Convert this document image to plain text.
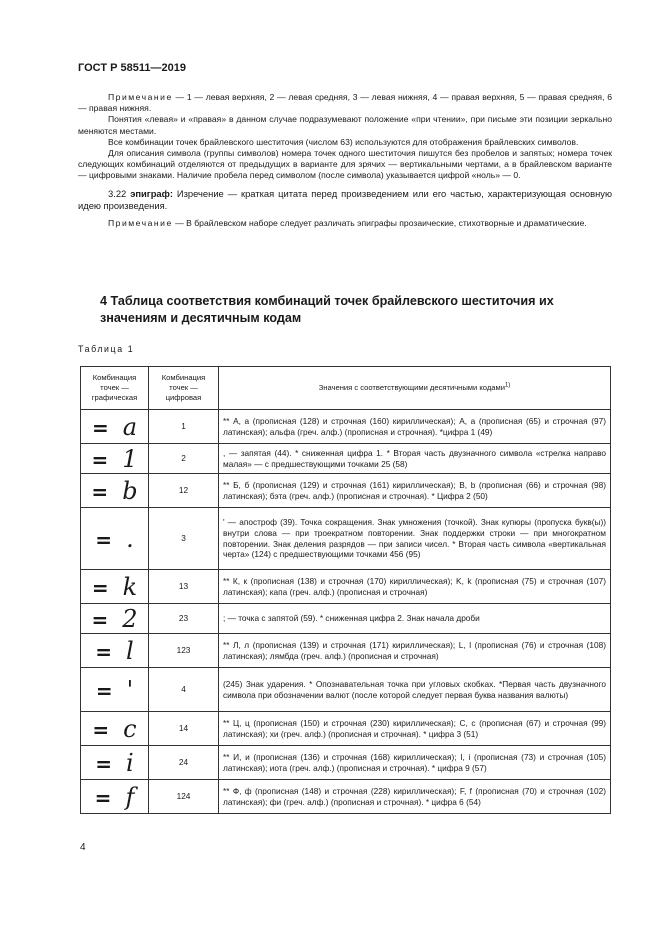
ГОСТ Р 58511—2019

Примечание — 1 — левая верхняя, 2 — левая средняя, 3 — левая нижняя, 4 — правая верхняя, 5 — правая средняя, 6 — правая нижняя.

Понятия «левая» и «правая» в данном случае подразумевают положение «при чтении», при письме эти позиции зеркально меняются местами.

Все комбинации точек брайлевского шеститочия (числом 63) используются для отображения брайлевских символов.

Для описания символа (группы символов) номера точек одного шеститочия пишутся без пробелов и запятых; номера точек следующих комбинаций отделяются от предыдущих в варианте для зрячих — вертикальными чертами, а в брайлевском варианте — цифровыми знаками. Наличие пробела перед символом (после символа) указывается цифрой «ноль» — 0.

3.22 эпиграф: Изречение — краткая цитата перед произведением или его частью, характеризующая основную идею произведения.

Примечание — В брайлевском наборе следует различать эпиграфы прозаические, стихотворные и драматические.

4 Таблица соответствия комбинаций точек брайлевского шеститочия их значениям и десятичным кодам
Таблица 1
Комбинация точек — графическая	Комбинация точек — цифровая	Значения с соответствующими десятичными кодами$^{1)}$
= a	1	** А, а (прописная (128) и строчная (160) кириллическая); A, a (прописная (65) и строчная (97) латинская); альфа (греч. алф.) (прописная и строчная). *цифра 1 (49)
= 1	2	, — запятая (44). * сниженная цифра 1. * Вторая часть двузначного символа «стрелка направо малая» — с предшествующими точками 25 (58)
= b	12	** Б, б (прописная (129) и строчная (161) кириллическая); B, b (прописная (66) и строчная (98) латинская); бэта (греч. алф.) (прописная и строчная). * Цифра 2 (50)
= .	3	' — апостроф (39). Точка сокращения. Знак умножения (точкой). Знак купюры (пропуска букв(ы)) внутри слова — при троекратном повторении. Знак поддержки строки — при многократном повторении. Знак деления разрядов — при записи чисел. * Вторая часть символа «вертикальная черта» (124) с предшествующими точками 456 (95)
= k	13	** К, к (прописная (138) и строчная (170) кириллическая); K, k (прописная (75) и строчная (107) латинская); капа (греч. алф.) (прописная и строчная)
= 2	23	; — точка с запятой (59). * сниженная цифра 2. Знак начала дроби
= l	123	** Л, л (прописная (139) и строчная (171) кириллическая); L, l (прописная (76) и строчная (108) латинская); лямбда (греч. алф.) (прописная и строчная)
= '	4	(245) Знак ударения. * Опознавательная точка при угловых скобках. *Первая часть двузначного символа при обозначении валют (после которой следует первая буква названия валюты)
= c	14	** Ц, ц (прописная (150) и строчная (230) кириллическая); C, c (прописная (67) и строчная (99) латинская); хи (греч. алф.) (прописная и строчная). * цифра 3 (51)
= i	24	** И, и (прописная (136) и строчная (168) кириллическая); I, i (прописная (73) и строчная (105) латинская); иота (греч. алф.) (прописная и строчная). * цифра 9 (57)
= f	124	** Ф, ф (прописная (148) и строчная (228) кириллическая); F, f (прописная (70) и строчная (102) латинская); фи (греч. алф.) (прописная и строчная). * цифра 6 (54)
4
